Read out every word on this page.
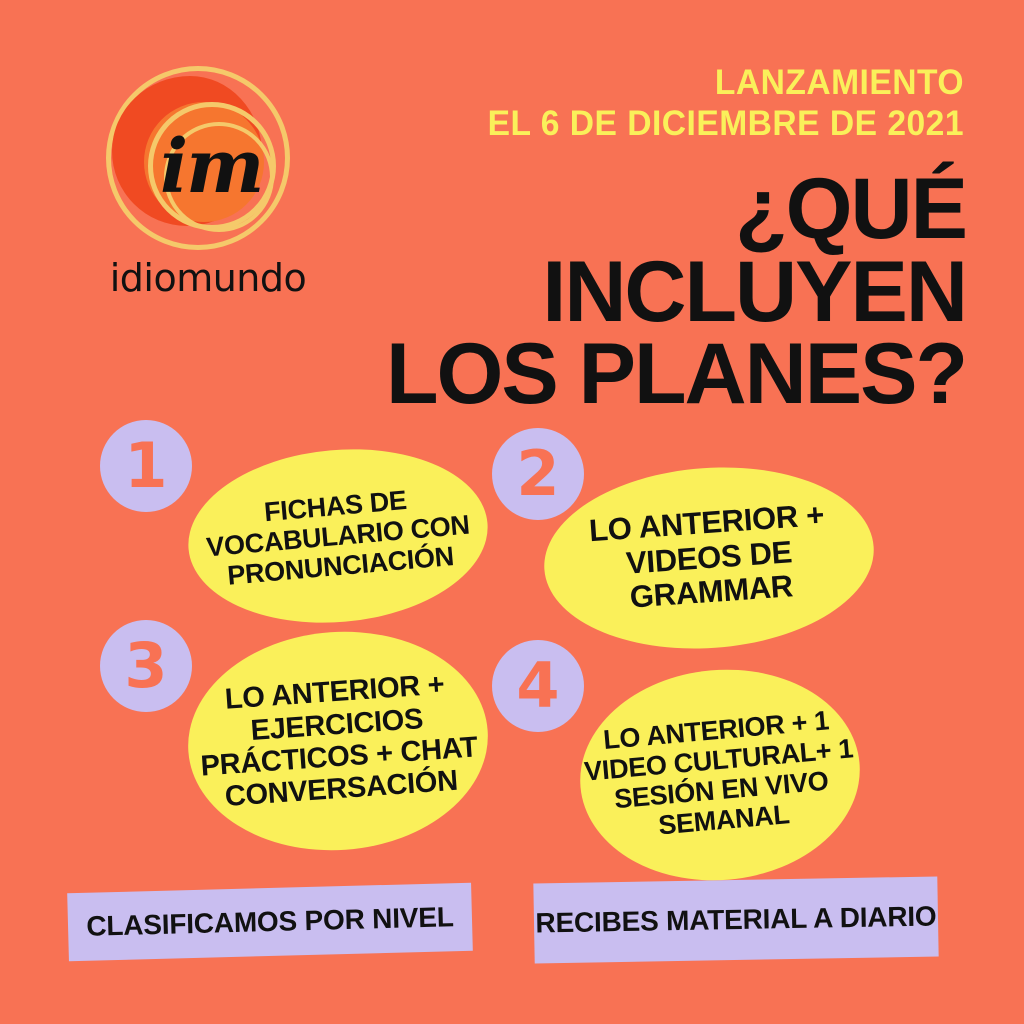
im
idiomundo
LANZAMIENTO
EL 6 DE DICIEMBRE DE 2021
¿QUÉ
INCLUYEN
LOS PLANES?
1
FICHAS DE VOCABULARIO CON PRONUNCIACIÓN
2
LO ANTERIOR + VIDEOS DE GRAMMAR
3	LO ANTERIOR + EJERCICIOS PRÁCTICOS + CHAT CONVERSACIÓN
4
LO ANTERIOR + 1 VIDEO CULTURAL+ 1 SESIÓN EN VIVO SEMANAL
CLASIFICAMOS POR NIVEL	RECIBES MATERIAL A DIARIO
